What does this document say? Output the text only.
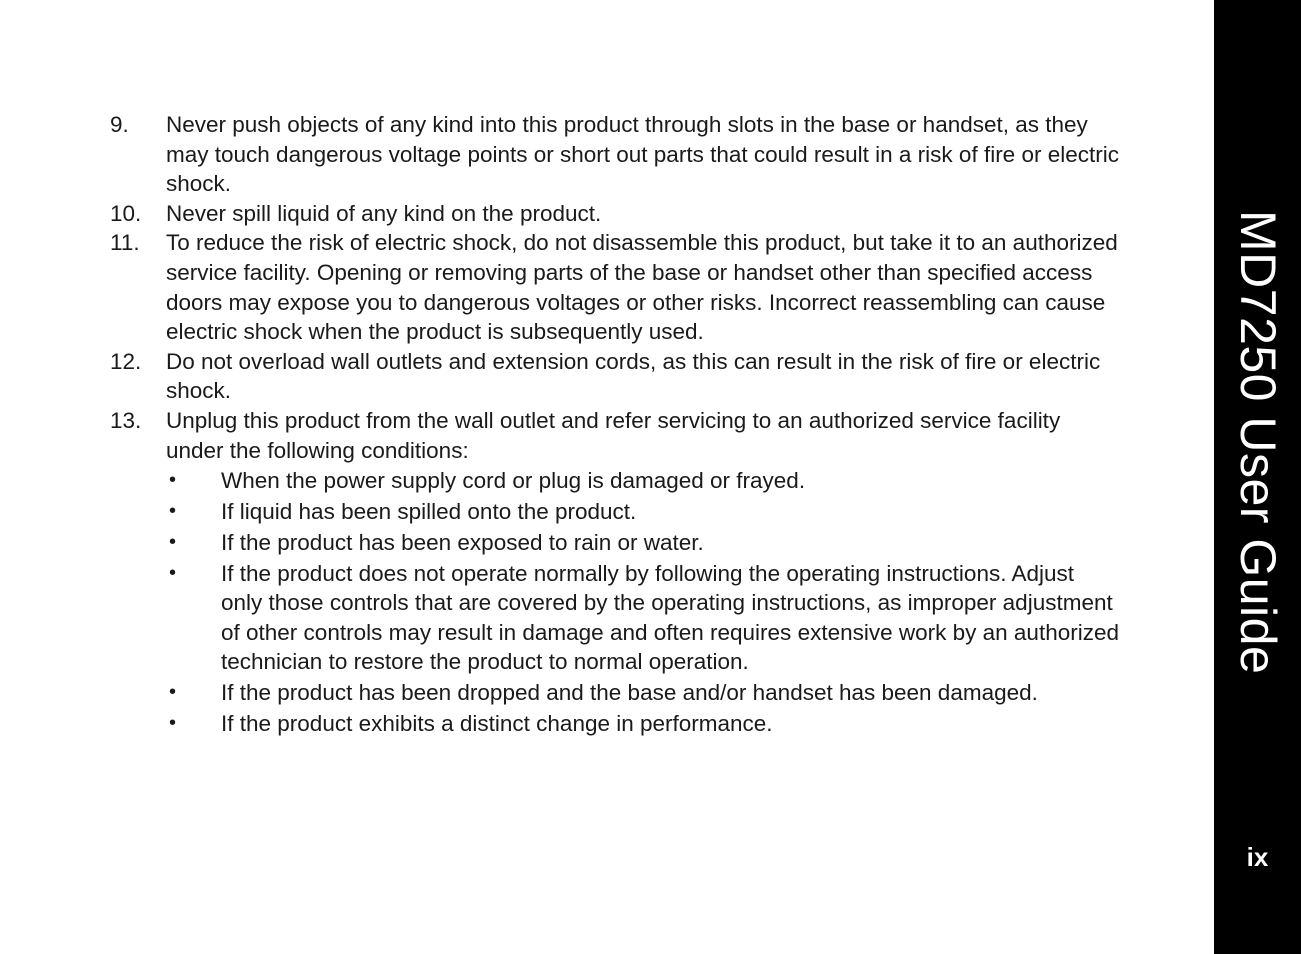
9. Never push objects of any kind into this product through slots in the base or handset, as they may touch dangerous voltage points or short out parts that could result in a risk of fire or electric shock.
10. Never spill liquid of any kind on the product.
11. To reduce the risk of electric shock, do not disassemble this product, but take it to an authorized service facility. Opening or removing parts of the base or handset other than specified access doors may expose you to dangerous voltages or other risks. Incorrect reassembling can cause electric shock when the product is subsequently used.
12. Do not overload wall outlets and extension cords, as this can result in the risk of fire or electric shock.
13. Unplug this product from the wall outlet and refer servicing to an authorized service facility under the following conditions:
• When the power supply cord or plug is damaged or frayed.
• If liquid has been spilled onto the product.
• If the product has been exposed to rain or water.
• If the product does not operate normally by following the operating instructions. Adjust only those controls that are covered by the operating instructions, as improper adjustment of other controls may result in damage and often requires extensive work by an authorized technician to restore the product to normal operation.
• If the product has been dropped and the base and/or handset has been damaged.
• If the product exhibits a distinct change in performance.
MD7250 User Guide
ix
